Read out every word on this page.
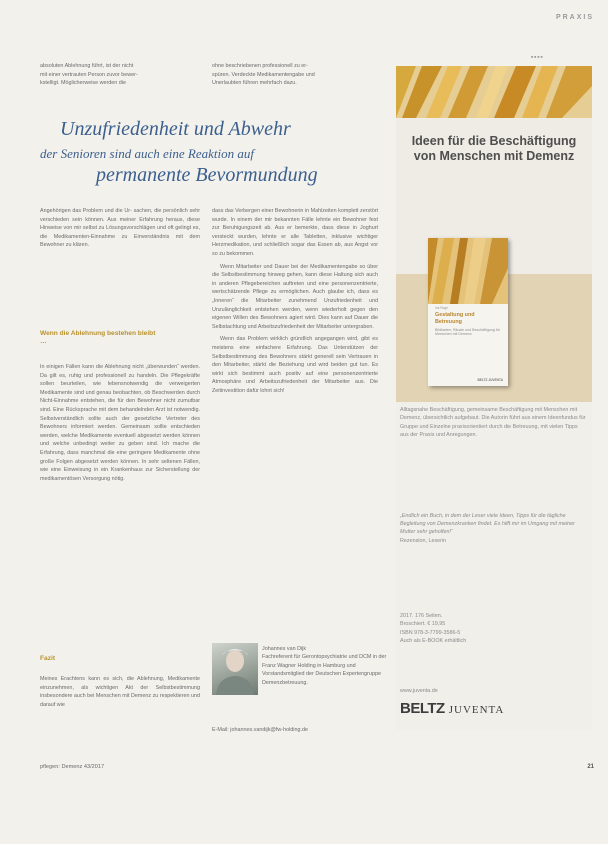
PRAXIS
■ ■ ■ ■
absoluten Ablehnung führt, ist der nicht
mit einer vertrauten Person zuvor bewer-
kstelligt. Möglicherweise werden die
ohne beschriebenen professionell zu er-
spüren. Verdeckte Medikamentengabe und
Unerlaubten führen mehrfach dazu.
Unzufriedenheit und Abwehr
der Senioren sind auch eine Reaktion auf
permanente Bevormundung

Angehörigen das Problem und die Ur- sachen, die persönlich sehr verschieden sein können. Aus meiner Erfahrung heraus, diese Hinweise von mir selbst zu Lösungsvorschlägen und oft gelingt es, die Medikamenten-Einnahme zu Einverständnis mit dem Bewohner zu klären.

Wenn die Ablehnung bestehen bleibt …

In einigen Fällen kann die Ablehnung nicht „überwunden“ werden. Da gilt es, ruhig und professionell zu handeln. Die Pflegekräfte sollen beurteilen, wie lebensnotwendig die verweigerten Medikamente sind und genau beobachten, ob Beschwerden durch Nicht-Einnahme entstehen, die für den Bewohner nicht zumutbar sind. Eine Rücksprache mit dem behandelnden Arzt ist notwendig. Selbstverständlich sollte auch der gesetzliche Vertreter des Bewohners informiert werden. Gemeinsam sollte entschieden werden, welche Medikamente eventuell abgesetzt werden können und welche unbedingt weiter zu geben sind. Ich mache die Erfahrung, dass manchmal die eine geringere Medikamente ohne große Folgen abgesetzt werden können. In sehr seltenen Fällen, wie eine Einweisung in ein Krankenhaus zur Sicherstellung der medikamentösen Versorgung nötig.

Fazit

Meines Erachtens kann es sich, die Ablehnung, Medikamente einzunehmen, als wichtigen Akt der Selbstbestimmung insbesondere auch bei Menschen mit Demenz zu respektieren und darauf wie

dass das Verbergen einer Bewohnerin in Mahlzeiten komplett zerstört wurde. In einem der mir bekannten Fälle lehnte ein Bewohner fest zur Beruhigungszeit ab. Aus er bemerkte, dass diese in Joghurt versteckt wurden, lehnte er alle Tabletten, inklusive wichtiger Herzmedikation, und schließlich sogar das Essen ab, aus Angst vor so zu bekommen.

Wenn Mitarbeiter und Dauer bei der Medikamentengabe so über die Selbstbestimmung hinweg gehen, kann diese Haltung sich auch in anderen Pflegebereichen auftreten und eine personenzentrierte, wertschätzende Pflege zu ermöglichen. Auch glaube ich, dass es „Inneren“ die Mitarbeiter zunehmend Unzufriedenheit und Unzulänglichkeit entstehen werden, wenn wiederholt gegen den eigenen Willen des Bewohners agiert wird. Dies kann auf Dauer die Selbstachtung und Arbeitszufriedenheit der Mitarbeiter untergraben.

Wenn das Problem wirklich gründlich angegangen wird, gibt es meistens eine einfachere Erfahrung. Das Unterstützen der Selbstbestimmung des Bewohners stärkt generell sein Vertrauen in den Mitarbeiter, stärkt die Beziehung und wird beiden gut tun. Es wirkt sich bestimmt auch positiv auf eine personenzentrierte Atmosphäre und Arbeitszufriedenheit der Mitarbeiter aus. Die Zeitinvestition dafür lohnt sich!

Johannes van Dijk
Fachreferent für Gerontopsychiatrie und DCM in der Franz Wagner Holding in Hamburg und Vorstandsmitglied der Deutschen Expertengruppe Demenzbetreuung.
E-Mail: johannes.vandijk@fw-holding.de
Ideen für die Beschäftigung von Menschen mit Demenz
Ina Ruge
Gestaltung und Betreuung
Bildkarten, Rituale und Beschäftigung für Menschen mit Demenz
BELTZ JUVENTA
Alltagsnahe Beschäftigung, gemeinsame Beschäftigung mit Menschen mit Demenz, übersichtlich aufgebaut. Die Autorin führt aus einem Ideenfundus für Gruppe und Einzelne praxisorientiert durch die Betreuung, mit vielen Tipps aus der Praxis und Anregungen.
„Endlich ein Buch, in dem der Leser viele Ideen, Tipps für die tägliche Begleitung von Demenzkranken findet. Es hilft mir im Umgang mit meiner Mutter sehr geholfen!“
Rezension, Leserin
2017. 176 Seiten.
Broschiert. € 19,95
ISBN 978-3-7799-3586-5
Auch als E-BOOK erhältlich
www.juventa.de
BELTZ JUVENTA
pflegen: Demenz 43/2017	21
